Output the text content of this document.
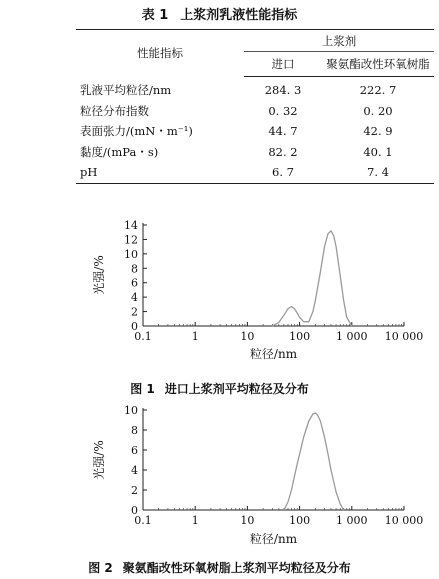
表 1 上浆剂乳液性能指标
性能指标	上浆剂	
	进口	聚氨酯改性环氧树脂
乳液平均粒径/nm	284. 3	222. 7
粒径分布指数	0. 32	0. 20
表面张力/(mN・m⁻¹)	44. 7	42. 9
黏度/(mPa・s)	82. 2	40. 1
pH	6. 7	7. 4
0
2
4
6
8
10
12
14
0.1	1	10	100 1 000 10 000
粒径/nm
光强/%
图 1 进口上浆剂平均粒径及分布
0
2
4
6
8
10
0.1	1	10	100 1 000 10 000
粒径/nm
光强/%
图 2 聚氨酯改性环氧树脂上浆剂平均粒径及分布
